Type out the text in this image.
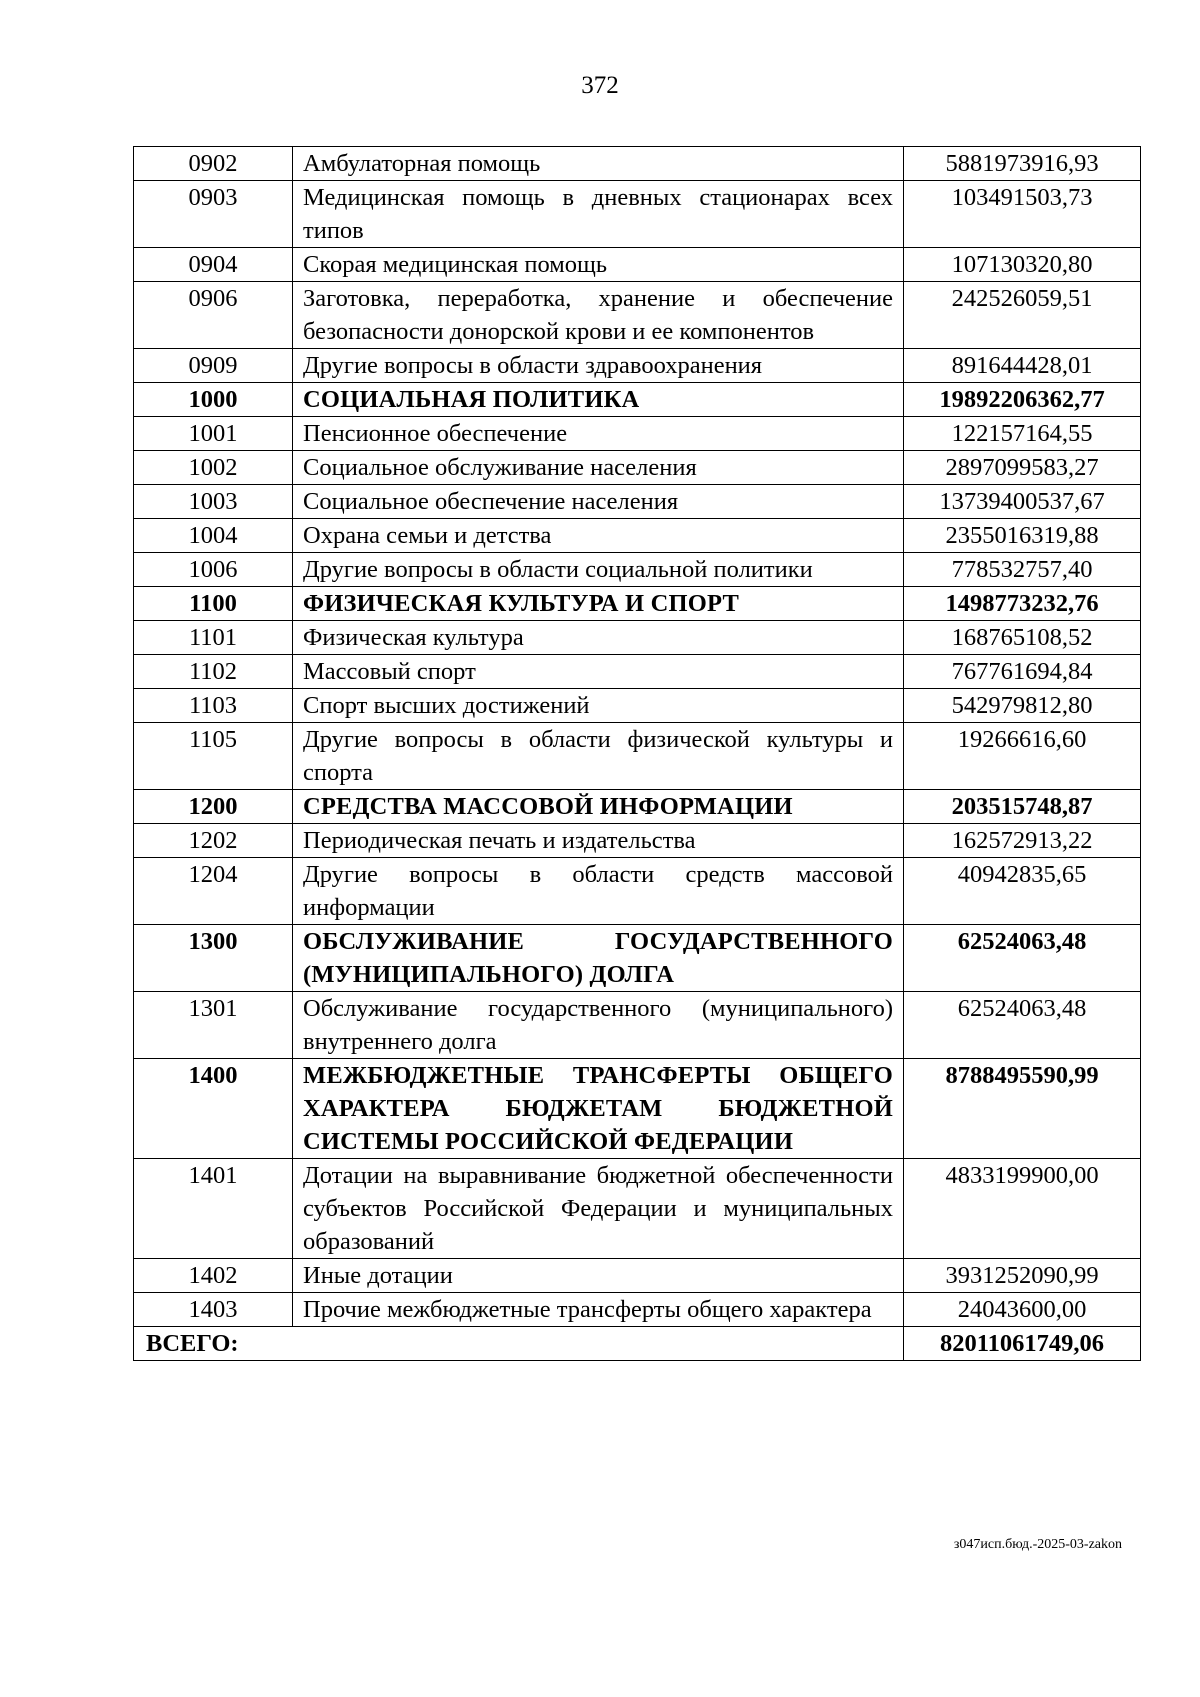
372
0902	Амбулаторная помощь	5881973916,93
0903	Медицинская помощь в дневных стационарах всех типов	103491503,73
0904	Скорая медицинская помощь	107130320,80
0906	Заготовка, переработка, хранение и обеспечение безопасности донорской крови и ее компонентов	242526059,51
0909	Другие вопросы в области здравоохранения	891644428,01
1000	СОЦИАЛЬНАЯ ПОЛИТИКА	19892206362,77
1001	Пенсионное обеспечение	122157164,55
1002	Социальное обслуживание населения	2897099583,27
1003	Социальное обеспечение населения	13739400537,67
1004	Охрана семьи и детства	2355016319,88
1006	Другие вопросы в области социальной политики	778532757,40
1100	ФИЗИЧЕСКАЯ КУЛЬТУРА И СПОРТ	1498773232,76
1101	Физическая культура	168765108,52
1102	Массовый спорт	767761694,84
1103	Спорт высших достижений	542979812,80
1105	Другие вопросы в области физической культуры и спорта	19266616,60
1200	СРЕДСТВА МАССОВОЙ ИНФОРМАЦИИ	203515748,87
1202	Периодическая печать и издательства	162572913,22
1204	Другие вопросы в области средств массовой информации	40942835,65
1300	ОБСЛУЖИВАНИЕ ГОСУДАРСТВЕННОГО (МУНИЦИПАЛЬНОГО) ДОЛГА	62524063,48
1301	Обслуживание государственного (муниципального) внутреннего долга	62524063,48
1400	МЕЖБЮДЖЕТНЫЕ ТРАНСФЕРТЫ ОБЩЕГО ХАРАКТЕРА БЮДЖЕТАМ БЮДЖЕТНОЙ СИСТЕМЫ РОССИЙСКОЙ ФЕДЕРАЦИИ	8788495590,99
1401	Дотации на выравнивание бюджетной обеспеченности субъектов Российской Федерации и муниципальных образований	4833199900,00
1402	Иные дотации	3931252090,99
1403	Прочие межбюджетные трансферты общего характера	24043600,00
ВСЕГО:		82011061749,06
з047исп.бюд.-2025-03-zakon
